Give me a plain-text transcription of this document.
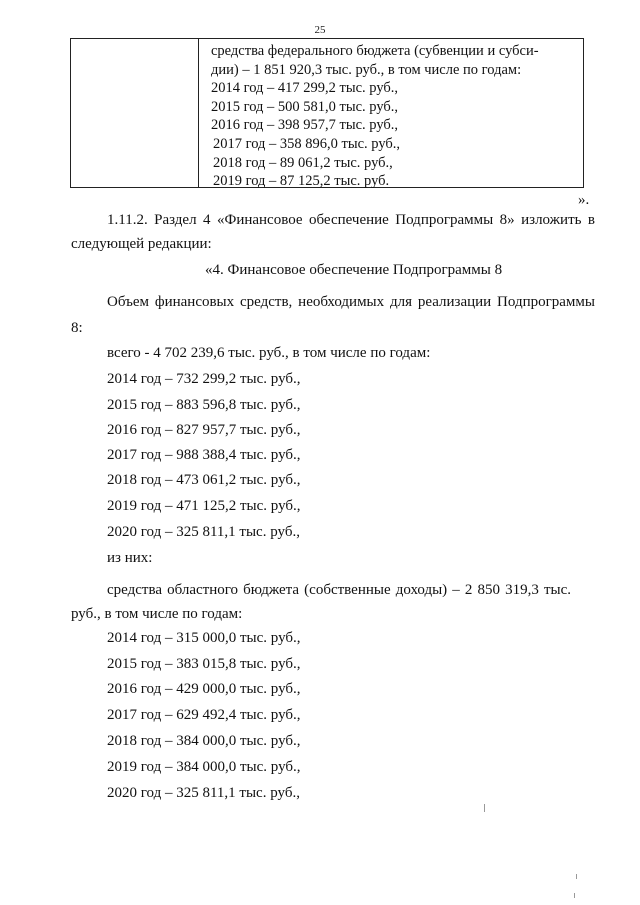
25
средства федерального бюджета (субвенции и субси-
дии) – 1 851 920,3 тыс. руб., в том числе по годам:
2014 год – 417 299,2 тыс. руб.,
2015 год – 500 581,0 тыс. руб.,
2016 год – 398 957,7 тыс. руб.,
2017 год – 358 896,0 тыс. руб.,
2018 год – 89 061,2 тыс. руб.,
2019 год – 87 125,2 тыс. руб.
».
1.11.2. Раздел 4 «Финансовое обеспечение Подпрограммы 8» изложить в следующей редакции:
«4. Финансовое обеспечение Подпрограммы 8
Объем финансовых средств, необходимых для реализации Подпрограммы 8:
всего - 4 702 239,6 тыс. руб., в том числе по годам:
2014 год – 732 299,2 тыс. руб.,
2015 год – 883 596,8 тыс. руб.,
2016 год – 827 957,7 тыс. руб.,
2017 год – 988 388,4 тыс. руб.,
2018 год – 473 061,2 тыс. руб.,
2019 год – 471 125,2 тыс. руб.,
2020 год – 325 811,1 тыс. руб.,
из них:
средства областного бюджета (собственные доходы) – 2 850 319,3 тыс. руб., в том числе по годам:
2014 год – 315 000,0 тыс. руб.,
2015 год – 383 015,8 тыс. руб.,
2016 год – 429 000,0 тыс. руб.,
2017 год – 629 492,4 тыс. руб.,
2018 год – 384 000,0 тыс. руб.,
2019 год – 384 000,0 тыс. руб.,
2020 год – 325 811,1 тыс. руб.,
